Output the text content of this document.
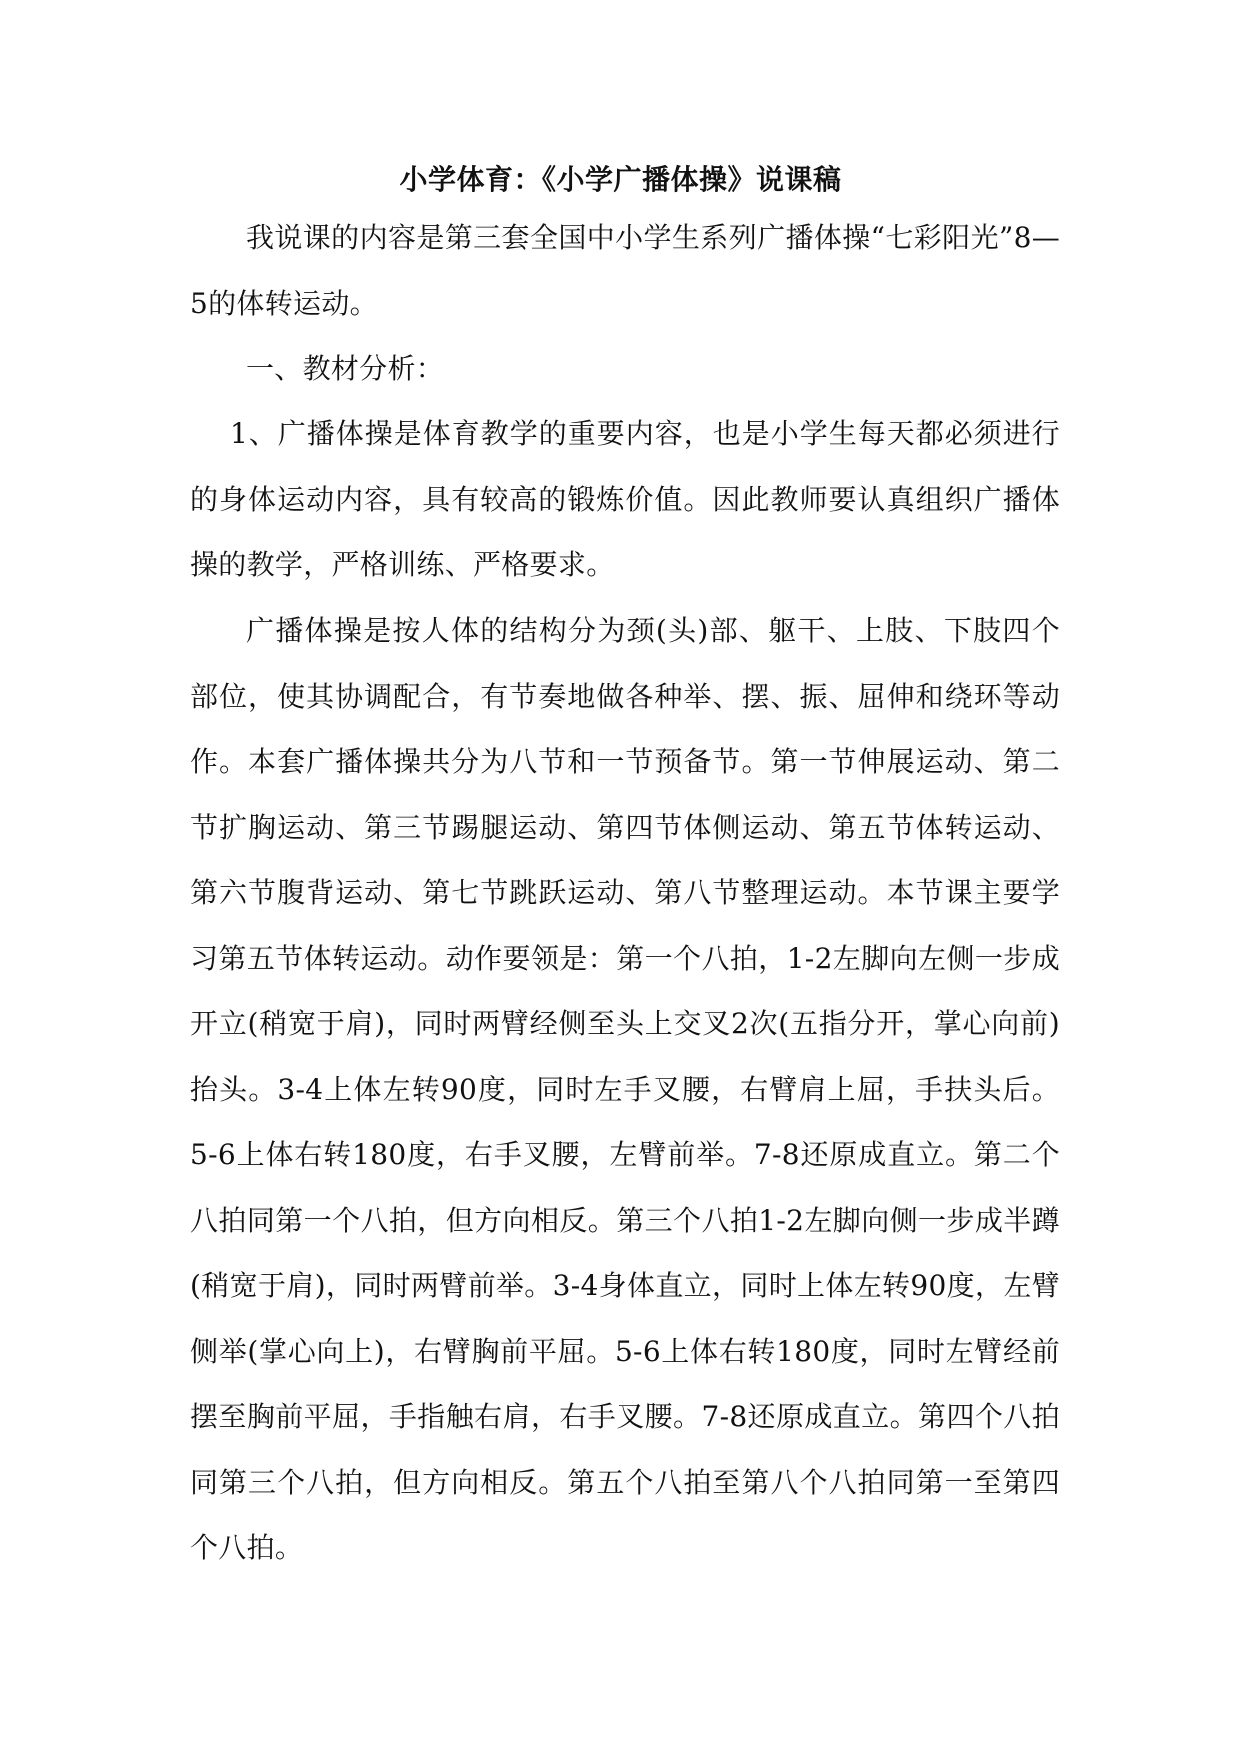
小学体育：《小学广播体操》说课稿
我说课的内容是第三套全国中小学生系列广播体操“七彩阳光”8—5的体转运动。
一、教材分析：
1、广播体操是体育教学的重要内容，也是小学生每天都必须进行的身体运动内容，具有较高的锻炼价值。因此教师要认真组织广播体操的教学，严格训练、严格要求。
广播体操是按人体的结构分为颈(头)部、躯干、上肢、下肢四个部位，使其协调配合，有节奏地做各种举、摆、振、屈伸和绕环等动作。本套广播体操共分为八节和一节预备节。第一节伸展运动、第二节扩胸运动、第三节踢腿运动、第四节体侧运动、第五节体转运动、第六节腹背运动、第七节跳跃运动、第八节整理运动。本节课主要学习第五节体转运动。动作要领是：第一个八拍，1-2左脚向左侧一步成开立(稍宽于肩)，同时两臂经侧至头上交叉2次(五指分开，掌心向前)抬头。3-4上体左转90度，同时左手叉腰，右臂肩上屈，手扶头后。5-6上体右转180度，右手叉腰，左臂前举。7-8还原成直立。第二个八拍同第一个八拍，但方向相反。第三个八拍1-2左脚向侧一步成半蹲(稍宽于肩)，同时两臂前举。3-4身体直立，同时上体左转90度，左臂侧举(掌心向上)，右臂胸前平屈。5-6上体右转180度，同时左臂经前摆至胸前平屈，手指触右肩，右手叉腰。7-8还原成直立。第四个八拍同第三个八拍，但方向相反。第五个八拍至第八个八拍同第一至第四个八拍。
